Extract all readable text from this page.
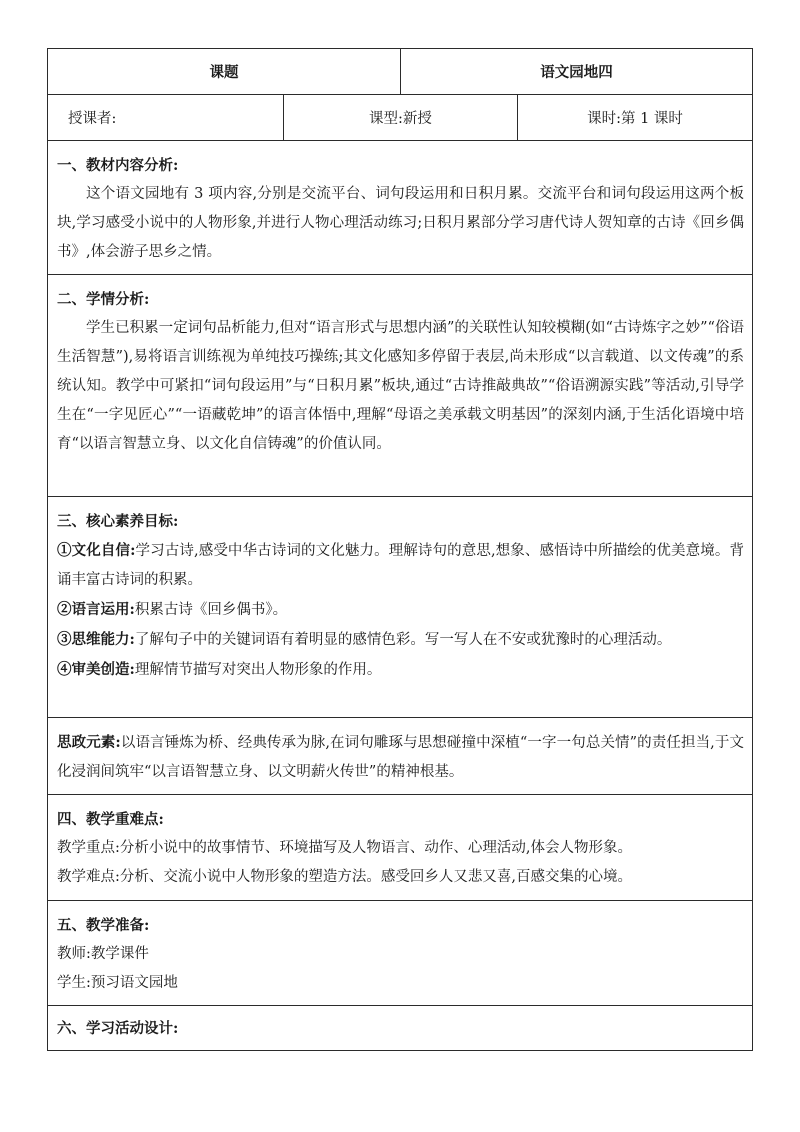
课题	语文园地四
授课者:	课型:新授	课时:第 1 课时
一、教材内容分析:
这个语文园地有 3 项内容,分别是交流平台、词句段运用和日积月累。交流平台和词句段运用这两个板块,学习感受小说中的人物形象,并进行人物心理活动练习;日积月累部分学习唐代诗人贺知章的古诗《回乡偶书》,体会游子思乡之情。
二、学情分析:
学生已积累一定词句品析能力,但对“语言形式与思想内涵”的关联性认知较模糊(如“古诗炼字之妙”“俗语生活智慧”),易将语言训练视为单纯技巧操练;其文化感知多停留于表层,尚未形成“以言载道、以文传魂”的系统认知。教学中可紧扣“词句段运用”与“日积月累”板块,通过“古诗推敲典故”“俗语溯源实践”等活动,引导学生在“一字见匠心”“一语藏乾坤”的语言体悟中,理解“母语之美承载文明基因”的深刻内涵,于生活化语境中培育“以语言智慧立身、以文化自信铸魂”的价值认同。
三、核心素养目标:
①文化自信:学习古诗,感受中华古诗词的文化魅力。理解诗句的意思,想象、感悟诗中所描绘的优美意境。背诵丰富古诗词的积累。
②语言运用:积累古诗《回乡偶书》。
③思维能力:了解句子中的关键词语有着明显的感情色彩。写一写人在不安或犹豫时的心理活动。
④审美创造:理解情节描写对突出人物形象的作用。
思政元素:以语言锤炼为桥、经典传承为脉,在词句雕琢与思想碰撞中深植“一字一句总关情”的责任担当,于文化浸润间筑牢“以言语智慧立身、以文明薪火传世”的精神根基。
四、教学重难点:
教学重点:分析小说中的故事情节、环境描写及人物语言、动作、心理活动,体会人物形象。
教学难点:分析、交流小说中人物形象的塑造方法。感受回乡人又悲又喜,百感交集的心境。
五、教学准备:
教师:教学课件
学生:预习语文园地
六、学习活动设计:
